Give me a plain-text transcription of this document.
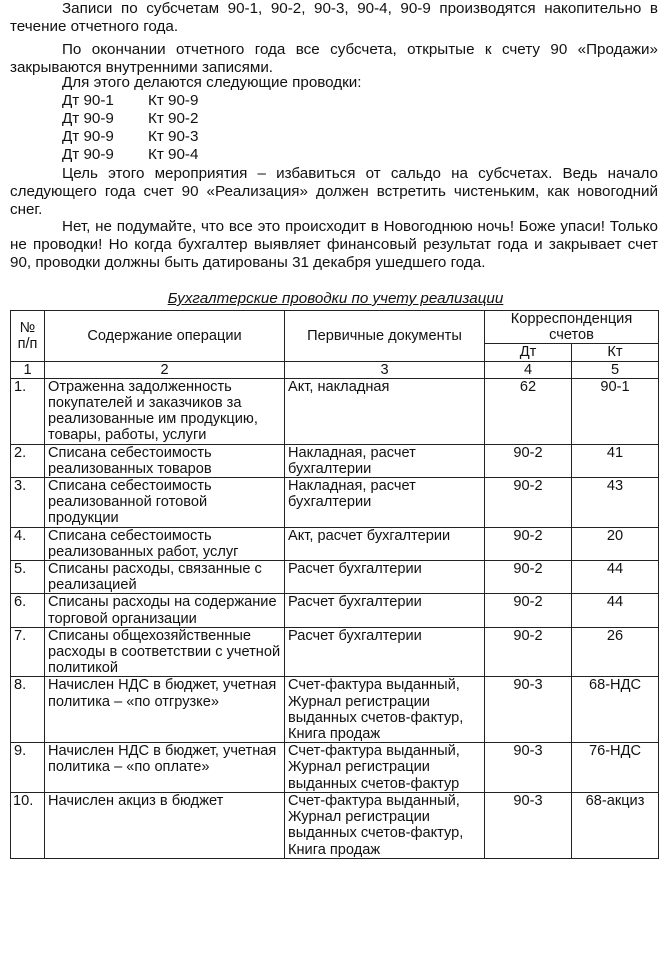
Записи по субсчетам 90-1, 90-2, 90-3, 90-4, 90-9 производятся накопительно в течение отчетного года.

По окончании отчетного года все субсчета, открытые к счету 90 «Продажи» закрываются внутренними записями.

Для этого делаются следующие проводки:

Дт 90-1 Кт 90-9
Дт 90-9 Кт 90-2
Дт 90-9 Кт 90-3
Дт 90-9 Кт 90-4

Цель этого мероприятия – избавиться от сальдо на субсчетах. Ведь начало следующего года счет 90 «Реализация» должен встретить чистеньким, как новогодний снег.

Нет, не подумайте, что все это происходит в Новогоднюю ночь! Боже упаси! Только не проводки! Но когда бухгалтер выявляет финансовый результат года и закрывает счет 90, проводки должны быть датированы 31 декабря ушедшего года.

Бухгалтерские проводки по учету реализации
№ п/п	Содержание операции	Первичные документы	Корреспонденция счетов	
			Дт	Кт
1	2	3	4	5
1.	Отраженна задолженность покупателей и заказчиков за реализованные им продукцию, товары, работы, услуги	Акт, накладная	62	90-1
2.	Списана себестоимость реализованных товаров	Накладная, расчет бухгалтерии	90-2	41
3.	Списана себестоимость реализованной готовой продукции	Накладная, расчет бухгалтерии	90-2	43
4.	Списана себестоимость реализованных работ, услуг	Акт, расчет бухгалтерии	90-2	20
5.	Списаны расходы, связанные с реализацией	Расчет бухгалтерии	90-2	44
6.	Списаны расходы на содержание торговой организации	Расчет бухгалтерии	90-2	44
7.	Списаны общехозяйственные расходы в соответствии с учетной политикой	Расчет бухгалтерии	90-2	26
8.	Начислен НДС в бюджет, учетная политика – «по отгрузке»	Счет-фактура выданный, Журнал регистрации выданных счетов-фактур, Книга продаж	90-3	68-НДС
9.	Начислен НДС в бюджет, учетная политика – «по оплате»	Счет-фактура выданный, Журнал регистрации выданных счетов-фактур	90-3	76-НДС
10.	Начислен акциз в бюджет	Счет-фактура выданный, Журнал регистрации выданных счетов-фактур, Книга продаж	90-3	68-акциз
